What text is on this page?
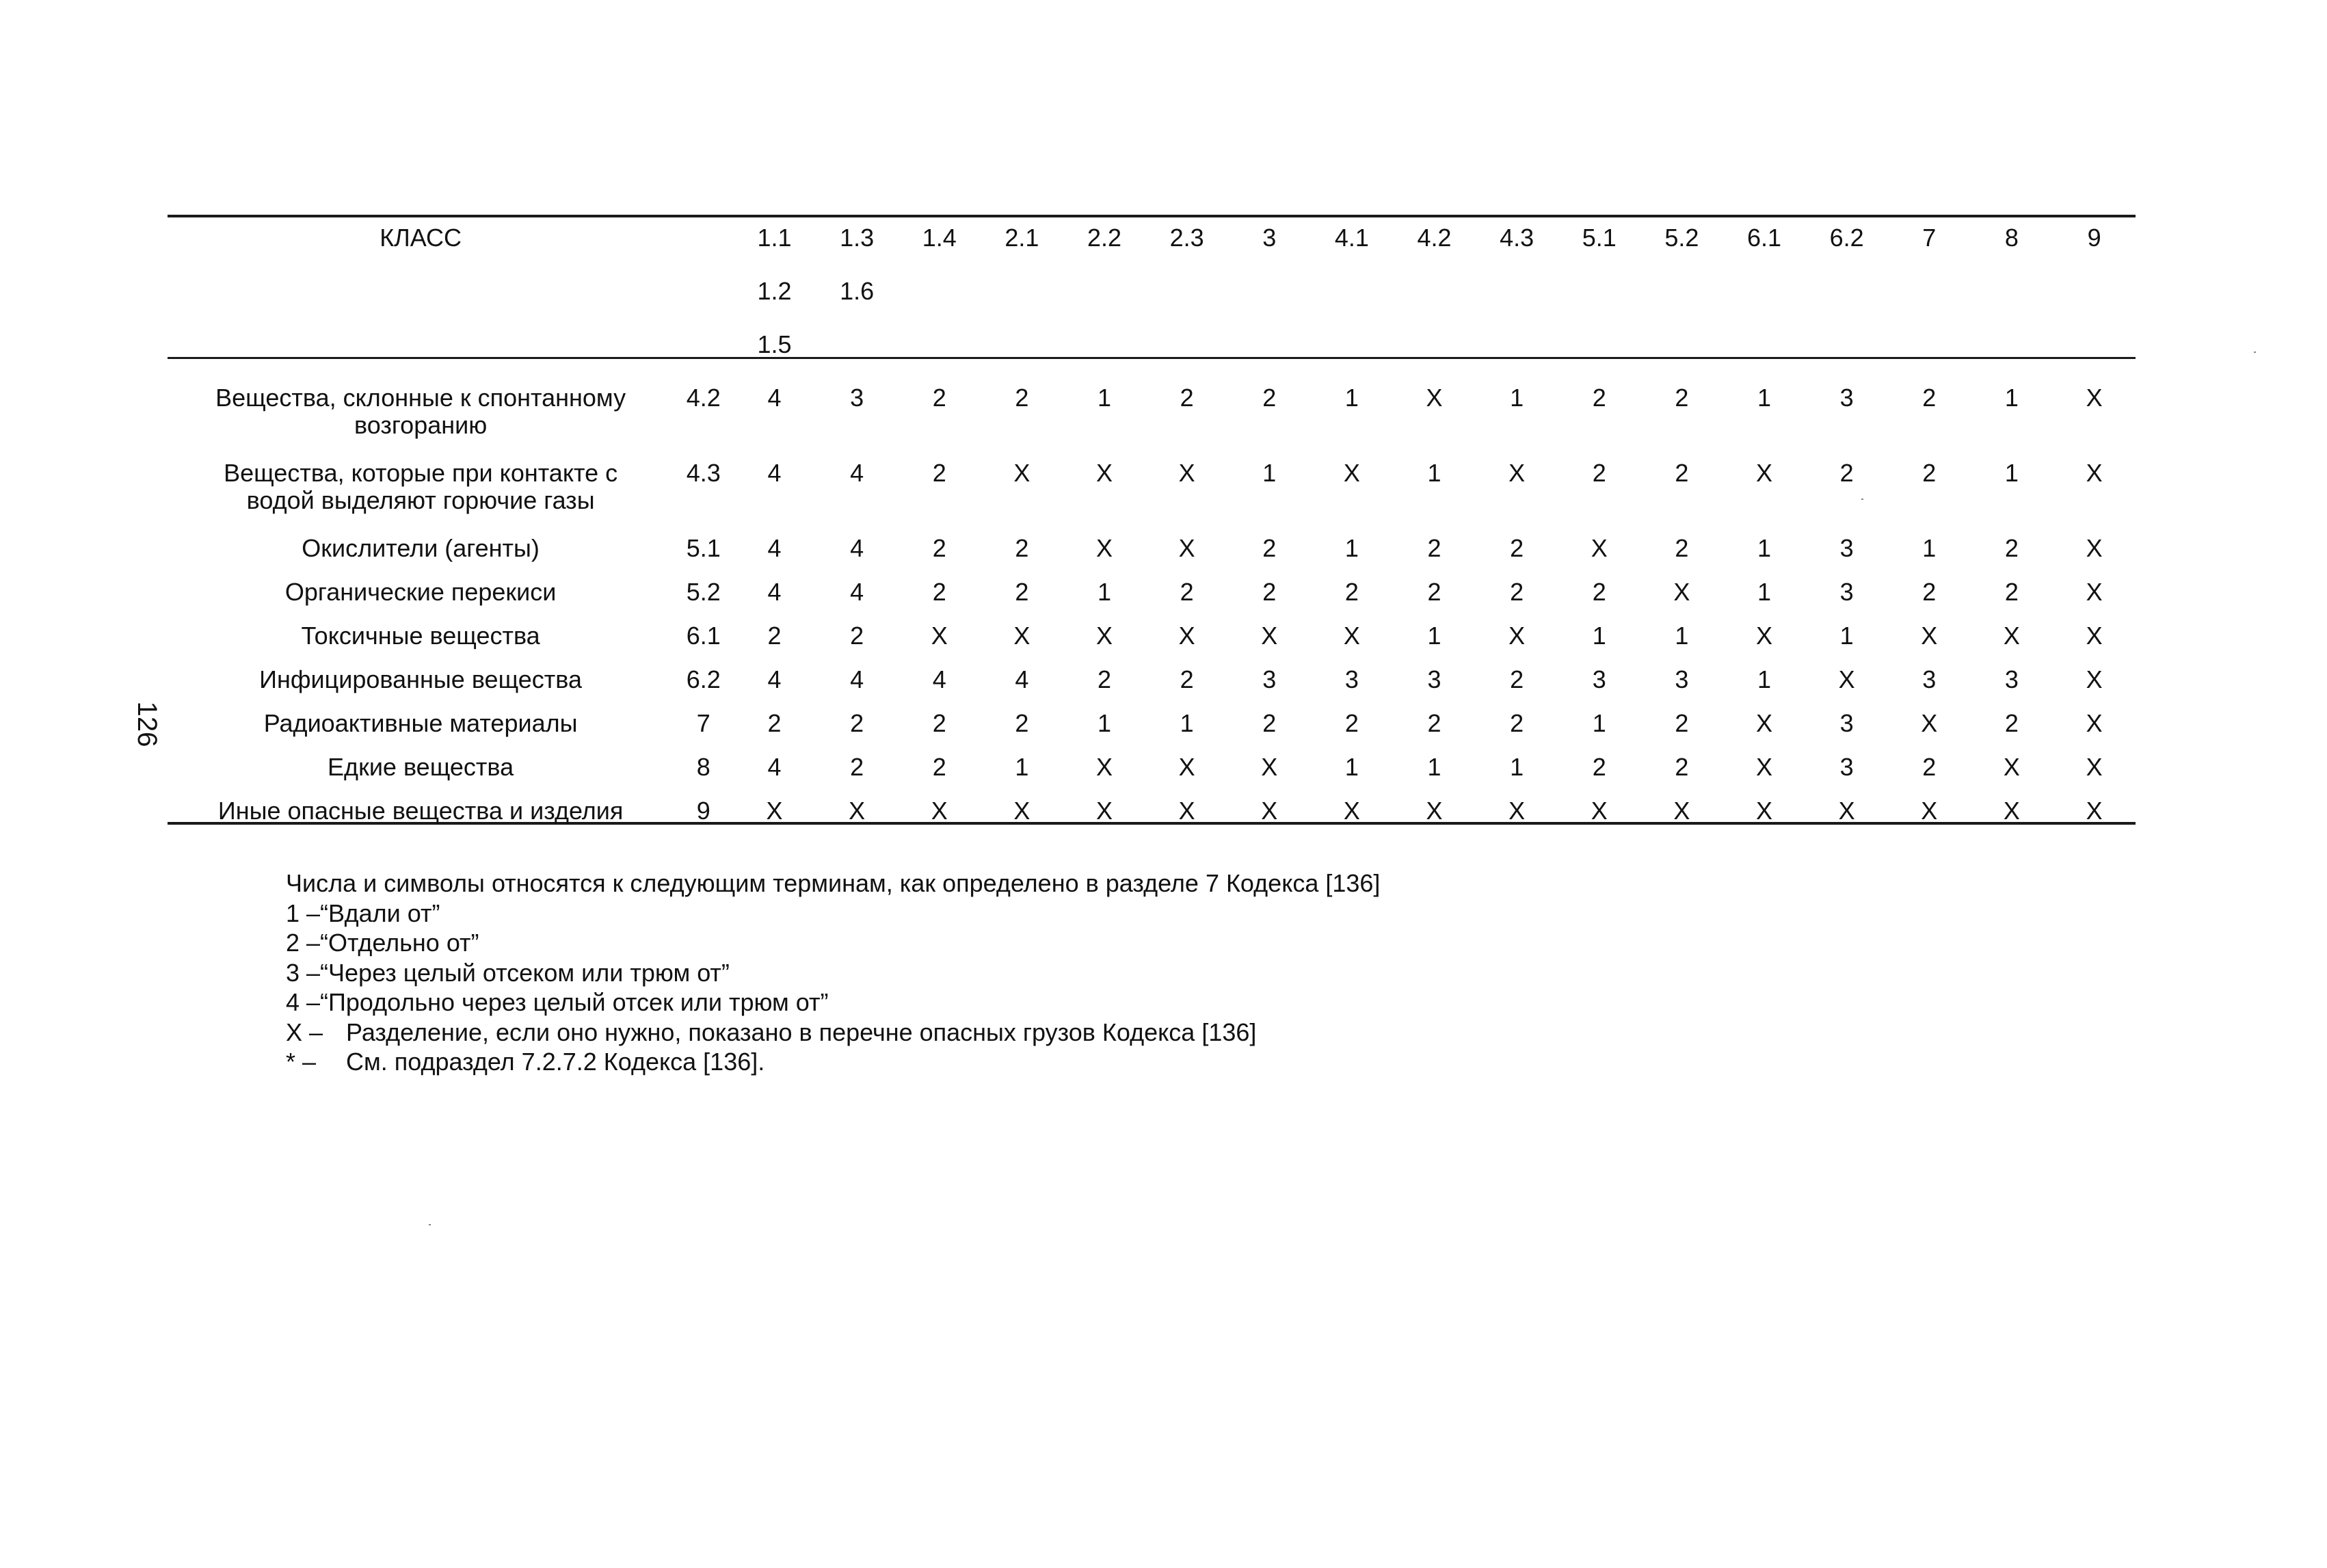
126
КЛАСС		1.1	1.3	1.4	2.1	2.2	2.3	3	4.1	4.2	4.3	5.1	5.2	6.1	6.2	7	8	9
		1.2	1.6															
		1.5																

Вещества, склонные к спонтанному
возгоранию	4.2	4	3	2	2	1	2	2	1	X	1	2	2	1	3	2	1	X

Вещества, которые при контакте с
водой выделяют горючие газы	4.3	4	4	2	X	X	X	1	X	1	X	2	2	X	2	2	1	X
Окислители (агенты)	5.1	4	4	2	2	X	X	2	1	2	2	X	2	1	3	1	2	X
Органические перекиси	5.2	4	4	2	2	1	2	2	2	2	2	2	X	1	3	2	2	X
Токсичные вещества	6.1	2	2	X	X	X	X	X	X	1	X	1	1	X	1	X	X	X
Инфицированные вещества	6.2	4	4	4	4	2	2	3	3	3	2	3	3	1	X	3	3	X
Радиоактивные материалы	7	2	2	2	2	1	1	2	2	2	2	1	2	X	3	X	2	X
Едкие вещества	8	4	2	2	1	X	X	X	1	1	1	2	2	X	3	2	X	X
Иные опасные вещества и изделия	9	X	X	X	X	X	X	X	X	X	X	X	X	X	X	X	X	X
Числа и символы относятся к следующим терминам, как определено в разделе 7 Кодекса [136]
1 –“Вдали от”
2 –“Отдельно от”
3 –“Через целый отсеком или трюм от”
4 –“Продольно через целый отсек или трюм от”
X – Разделение, если оно нужно, показано в перечне опасных грузов Кодекса [136]
* – См. подраздел 7.2.7.2 Кодекса [136].
